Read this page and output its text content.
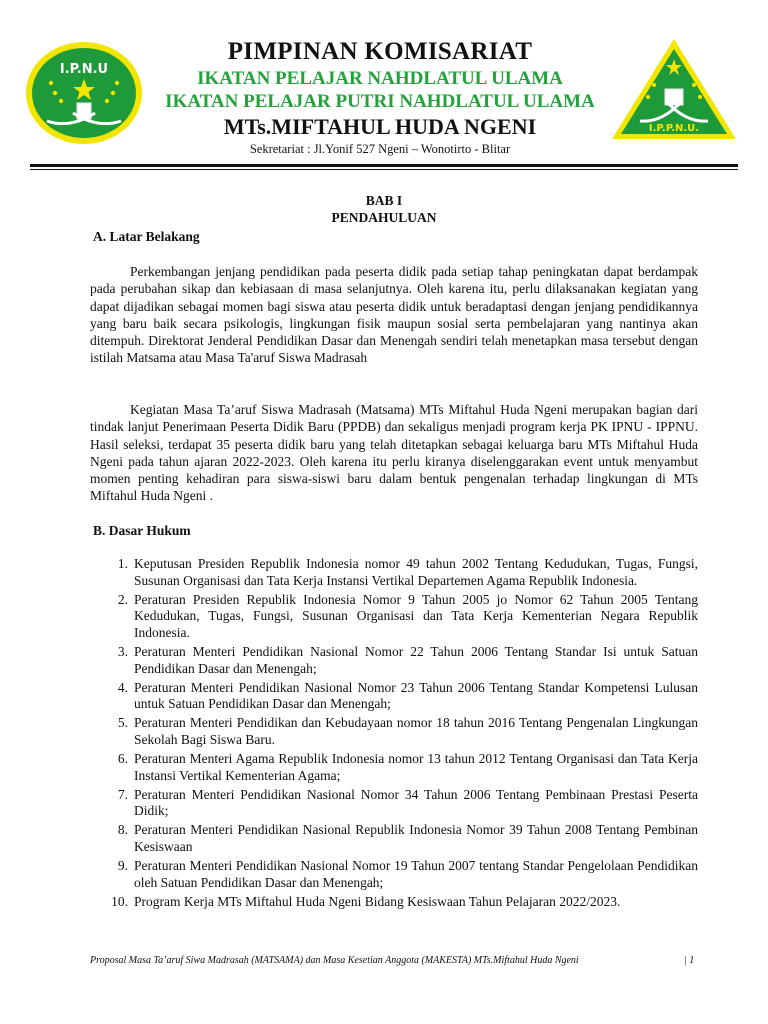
I.P.N.U
I.P.P.N.U.
PIMPINAN KOMISARIAT
IKATAN PELAJAR NAHDLATUL ULAMA
IKATAN PELAJAR PUTRI NAHDLATUL ULAMA
MTs.MIFTAHUL HUDA NGENI
Sekretariat : Jl.Yonif 527 Ngeni – Wonotirto - Blitar
BAB I
PENDAHULUAN
A. Latar Belakang

Perkembangan jenjang pendidikan pada peserta didik pada setiap tahap peningkatan dapat berdampak pada perubahan sikap dan kebiasaan di masa selanjutnya. Oleh karena itu, perlu dilaksanakan kegiatan yang dapat dijadikan sebagai momen bagi siswa atau peserta didik untuk beradaptasi dengan jenjang pendidikannya yang baru baik secara psikologis, lingkungan fisik maupun sosial serta pembelajaran yang nantinya akan ditempuh. Direktorat Jenderal Pendidikan Dasar dan Menengah sendiri telah menetapkan masa tersebut dengan istilah Matsama atau Masa Ta'aruf Siswa Madrasah

Kegiatan Masa Ta’aruf Siswa Madrasah (Matsama) MTs Miftahul Huda Ngeni merupakan bagian dari tindak lanjut Penerimaan Peserta Didik Baru (PPDB) dan sekaligus menjadi program kerja PK IPNU - IPPNU. Hasil seleksi, terdapat 35 peserta didik baru yang telah ditetapkan sebagai keluarga baru MTs Miftahul Huda Ngeni pada tahun ajaran 2022-2023. Oleh karena itu perlu kiranya diselenggarakan event untuk menyambut momen penting kehadiran para siswa-siswi baru dalam bentuk pengenalan terhadap lingkungan di MTs Miftahul Huda Ngeni .

B. Dasar Hukum
1. Keputusan Presiden Republik Indonesia nomor 49 tahun 2002 Tentang Kedudukan, Tugas, Fungsi, Susunan Organisasi dan Tata Kerja Instansi Vertikal Departemen Agama Republik Indonesia.
2. Peraturan Presiden Republik Indonesia Nomor 9 Tahun 2005 jo Nomor 62 Tahun 2005 Tentang Kedudukan, Tugas, Fungsi, Susunan Organisasi dan Tata Kerja Kementerian Negara Republik Indonesia.
3. Peraturan Menteri Pendidikan Nasional Nomor 22 Tahun 2006 Tentang Standar Isi untuk Satuan Pendidikan Dasar dan Menengah;
4. Peraturan Menteri Pendidikan Nasional Nomor 23 Tahun 2006 Tentang Standar Kompetensi Lulusan untuk Satuan Pendidikan Dasar dan Menengah;
5. Peraturan Menteri Pendidikan dan Kebudayaan nomor 18 tahun 2016 Tentang Pengenalan Lingkungan Sekolah Bagi Siswa Baru.
6. Peraturan Menteri Agama Republik Indonesia nomor 13 tahun 2012 Tentang Organisasi dan Tata Kerja Instansi Vertikal Kementerian Agama;
7. Peraturan Menteri Pendidikan Nasional Nomor 34 Tahun 2006 Tentang Pembinaan Prestasi Peserta Didik;
8. Peraturan Menteri Pendidikan Nasional Republik Indonesia Nomor 39 Tahun 2008 Tentang Pembinan Kesiswaan
9. Peraturan Menteri Pendidikan Nasional Nomor 19 Tahun 2007 tentang Standar Pengelolaan Pendidikan oleh Satuan Pendidikan Dasar dan Menengah;
10. Program Kerja MTs Miftahul Huda Ngeni Bidang Kesiswaan Tahun Pelajaran 2022/2023.
Proposal Masa Ta’aruf Siwa Madrasah (MATSAMA) dan Masa Kesetian Anggota (MAKESTA) MTs.Miftahul Huda Ngeni	| 1
